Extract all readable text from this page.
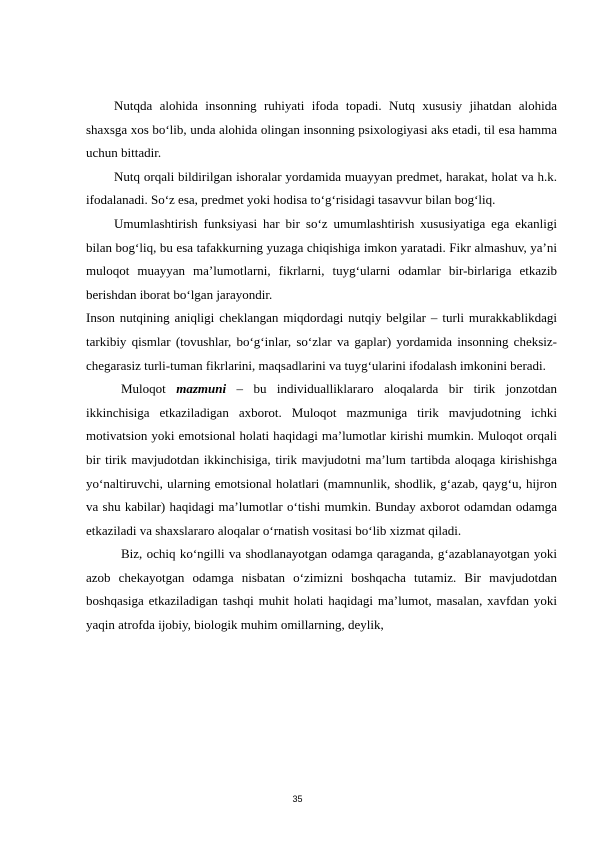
Nutqda alohida insonning ruhiyati ifoda topadi. Nutq xususiy jihatdan alohida shaxsga xos bo‘lib, unda alohida olingan insonning psixologiyasi aks etadi, til esa hamma uchun bittadir.

Nutq orqali bildirilgan ishoralar yordamida muayyan predmet, harakat, holat va h.k. ifodalanadi. So‘z esa, predmet yoki hodisa to‘g‘risidagi tasavvur bilan bog‘liq.

Umumlashtirish funksiyasi har bir so‘z umumlashtirish xususiyatiga ega ekanligi bilan bog‘liq, bu esa tafakkurning yuzaga chiqishiga imkon yaratadi. Fikr almashuv, ya’ni muloqot muayyan ma’lumotlarni, fikrlarni, tuyg‘ularni odamlar bir-birlariga etkazib berishdan iborat bo‘lgan jarayondir.

Inson nutqining aniqligi cheklangan miqdordagi nutqiy belgilar – turli murakkablikdagi tarkibiy qismlar (tovushlar, bo‘g‘inlar, so‘zlar va gaplar) yordamida insonning cheksiz-chegarasiz turli-tuman fikrlarini, maqsadlarini va tuyg‘ularini ifodalash imkonini beradi.

Muloqot mazmuni – bu individualliklararo aloqalarda bir tirik jonzotdan ikkinchisiga etkaziladigan axborot. Muloqot mazmuniga tirik mavjudotning ichki motivatsion yoki emotsional holati haqidagi ma’lumotlar kirishi mumkin. Muloqot orqali bir tirik mavjudotdan ikkinchisiga, tirik mavjudotni ma’lum tartibda aloqaga kirishishga yo‘naltiruvchi, ularning emotsional holatlari (mamnunlik, shodlik, g‘azab, qayg‘u, hijron va shu kabilar) haqidagi ma’lumotlar o‘tishi mumkin. Bunday axborot odamdan odamga etkaziladi va shaxslararo aloqalar o‘rnatish vositasi bo‘lib xizmat qiladi.

Biz, ochiq ko‘ngilli va shodlanayotgan odamga qaraganda, g‘azablanayotgan yoki azob chekayotgan odamga nisbatan o‘zimizni boshqacha tutamiz. Bir mavjudotdan boshqasiga etkaziladigan tashqi muhit holati haqidagi ma’lumot, masalan, xavfdan yoki yaqin atrofda ijobiy, biologik muhim omillarning, deylik,

35
